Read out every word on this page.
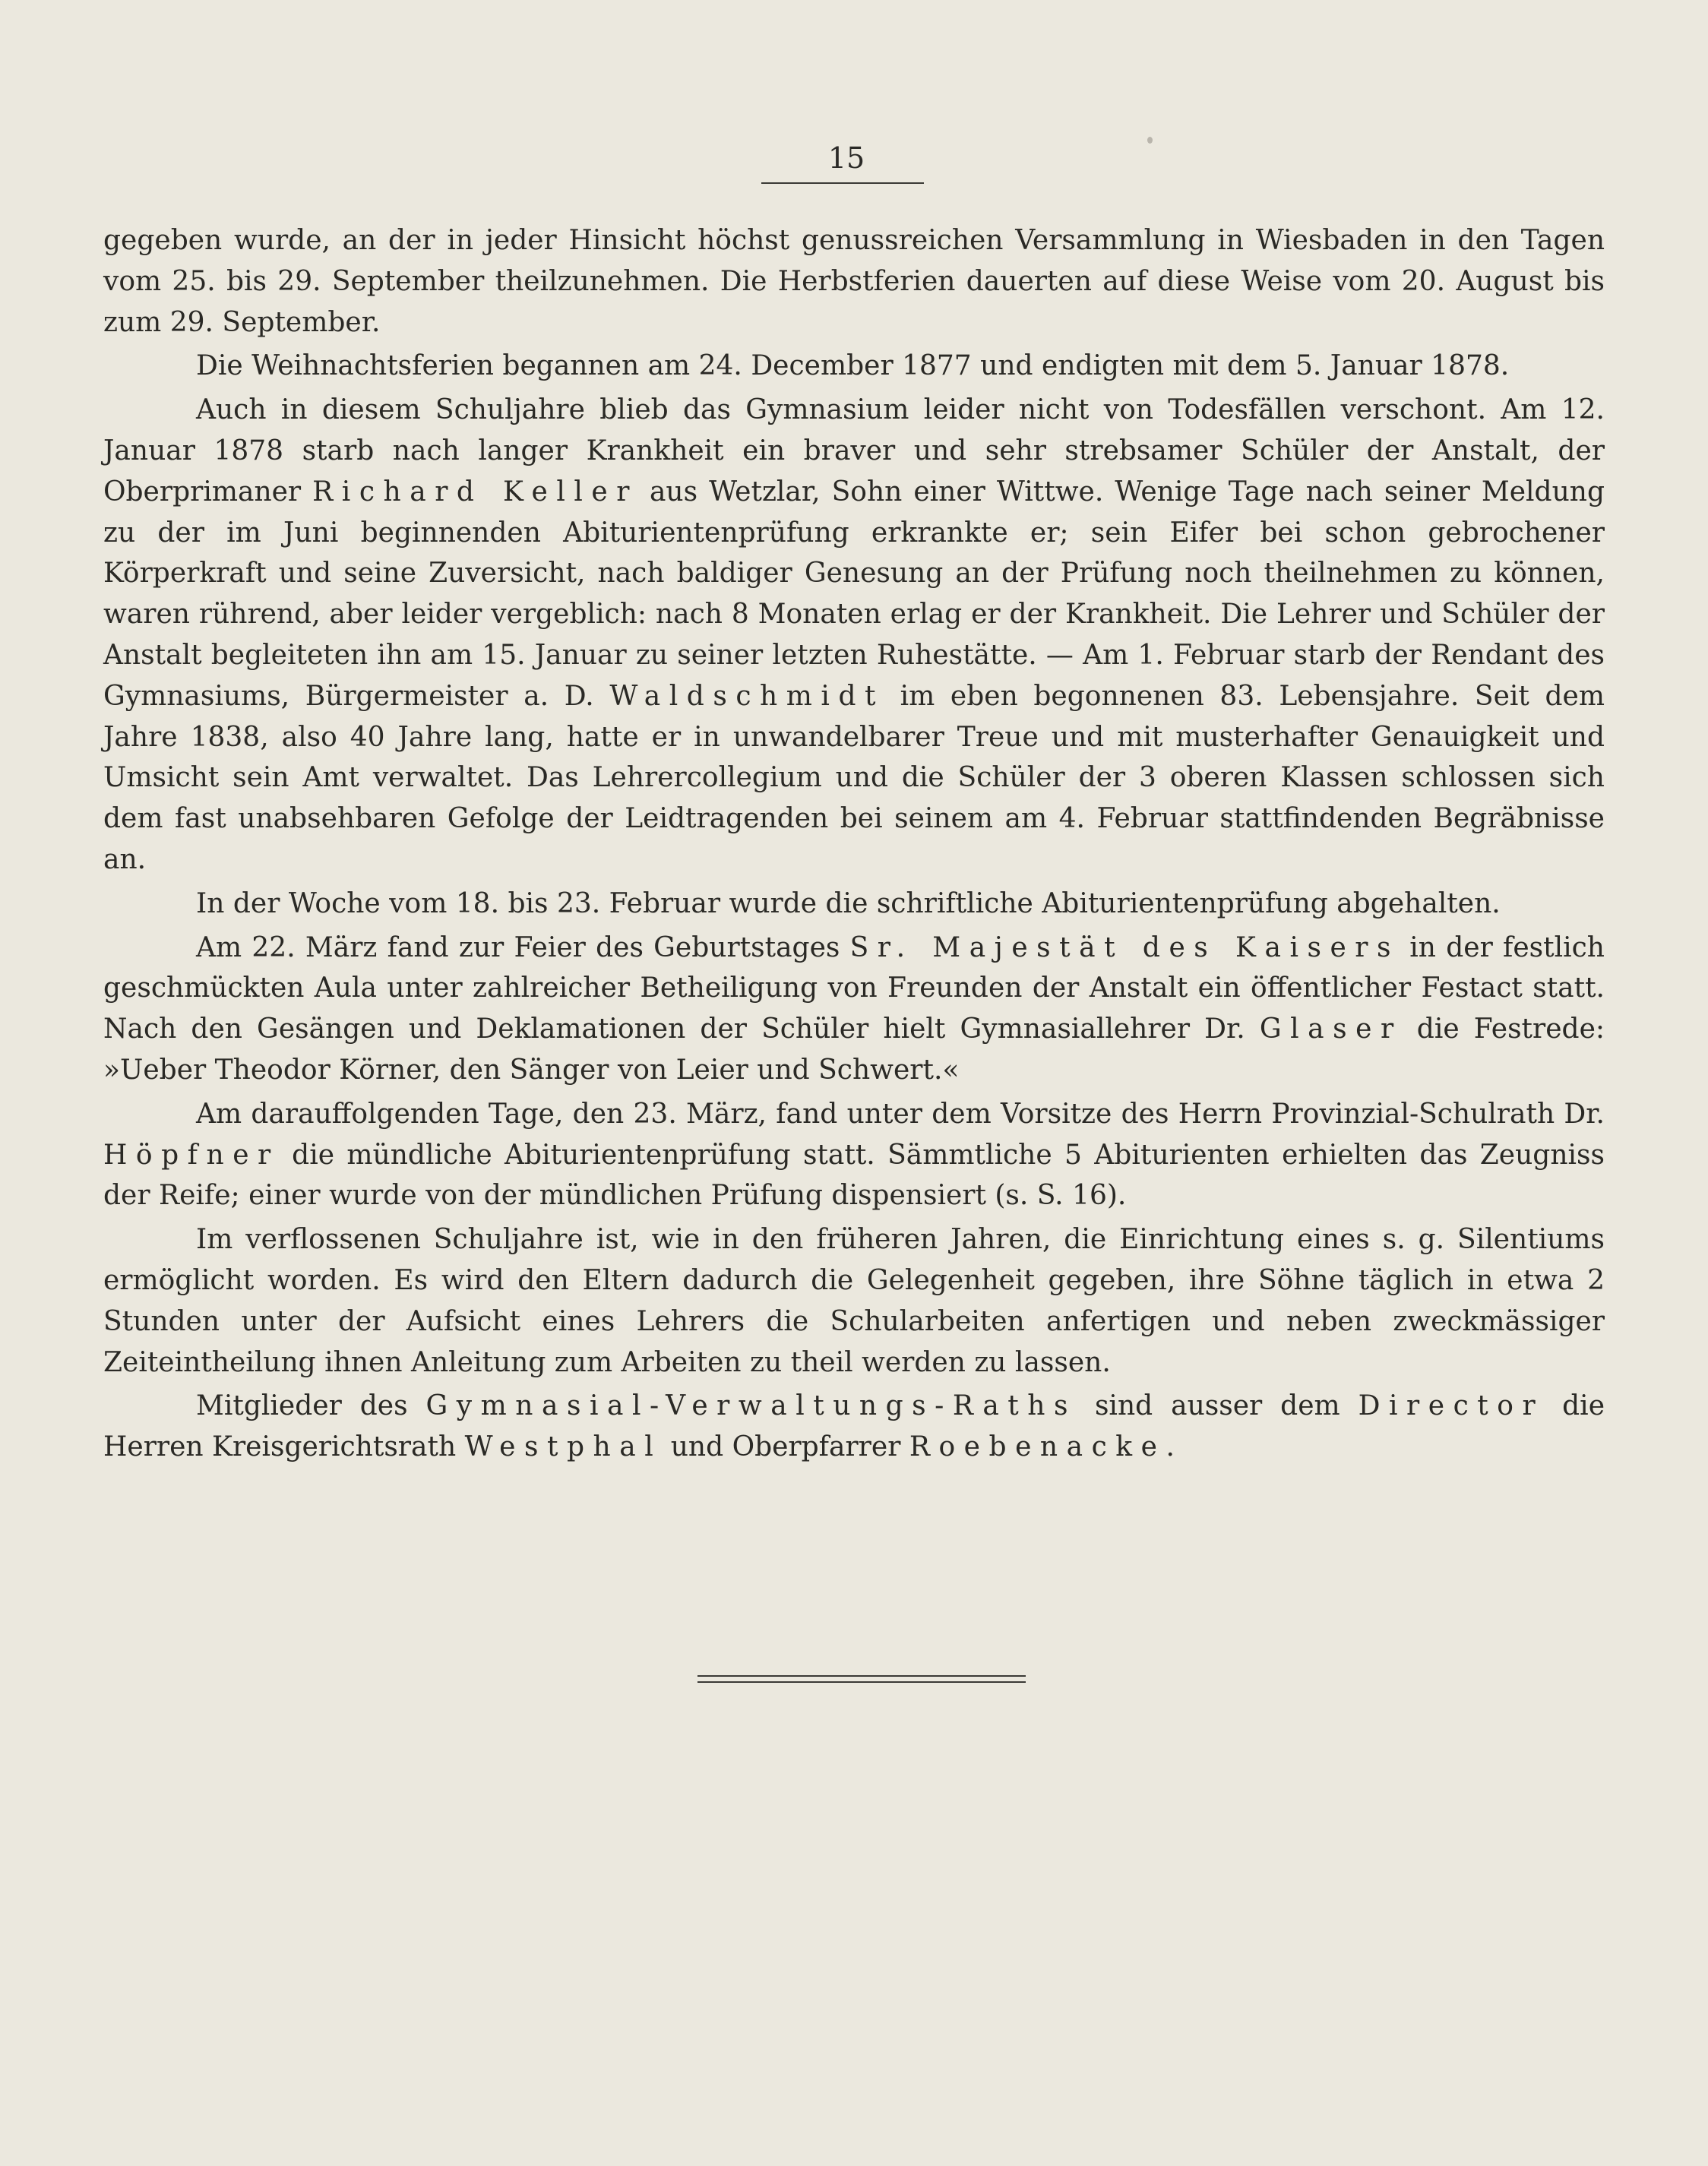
15

gegeben wurde, an der in jeder Hinsicht höchst genussreichen Versammlung in Wiesbaden in den Tagen vom 25. bis 29. September theilzunehmen. Die Herbstferien dauerten auf diese Weise vom 20. August bis zum 29. September.

Die Weihnachtsferien begannen am 24. December 1877 und endigten mit dem 5. Januar 1878.

Auch in diesem Schuljahre blieb das Gymnasium leider nicht von Todesfällen verschont. Am 12. Januar 1878 starb nach langer Krankheit ein braver und sehr strebsamer Schüler der Anstalt, der Oberprimaner Richard Keller aus Wetzlar, Sohn einer Wittwe. Wenige Tage nach seiner Meldung zu der im Juni beginnenden Abiturientenprüfung erkrankte er; sein Eifer bei schon gebrochener Körperkraft und seine Zuversicht, nach baldiger Genesung an der Prüfung noch theilnehmen zu können, waren rührend, aber leider vergeblich: nach 8 Monaten erlag er der Krankheit. Die Lehrer und Schüler der Anstalt begleiteten ihn am 15. Januar zu seiner letzten Ruhestätte. — Am 1. Februar starb der Rendant des Gymnasiums, Bürgermeister a. D. Waldschmidt im eben begonnenen 83. Lebensjahre. Seit dem Jahre 1838, also 40 Jahre lang, hatte er in unwandelbarer Treue und mit musterhafter Genauigkeit und Umsicht sein Amt verwaltet. Das Lehrercollegium und die Schüler der 3 oberen Klassen schlossen sich dem fast unabsehbaren Gefolge der Leidtragenden bei seinem am 4. Februar stattfindenden Begräbnisse an.

In der Woche vom 18. bis 23. Februar wurde die schriftliche Abiturientenprüfung abgehalten.

Am 22. März fand zur Feier des Geburtstages Sr. Majestät des Kaisers in der festlich geschmückten Aula unter zahlreicher Betheiligung von Freunden der Anstalt ein öffentlicher Festact statt. Nach den Gesängen und Deklamationen der Schüler hielt Gymnasiallehrer Dr. Glaser die Festrede: »Ueber Theodor Körner, den Sänger von Leier und Schwert.«

Am darauffolgenden Tage, den 23. März, fand unter dem Vorsitze des Herrn Provinzial-Schulrath Dr. Höpfner die mündliche Abiturientenprüfung statt. Sämmtliche 5 Abiturienten erhielten das Zeugniss der Reife; einer wurde von der mündlichen Prüfung dispensiert (s. S. 16).

Im verflossenen Schuljahre ist, wie in den früheren Jahren, die Einrichtung eines s. g. Silentiums ermöglicht worden. Es wird den Eltern dadurch die Gelegenheit gegeben, ihre Söhne täglich in etwa 2 Stunden unter der Aufsicht eines Lehrers die Schularbeiten anfertigen und neben zweckmässiger Zeiteintheilung ihnen Anleitung zum Arbeiten zu theil werden zu lassen.

Mitglieder des Gymnasial-Verwaltungs-Raths sind ausser dem Director die Herren Kreisgerichtsrath Westphal und Oberpfarrer Roebenacke.
